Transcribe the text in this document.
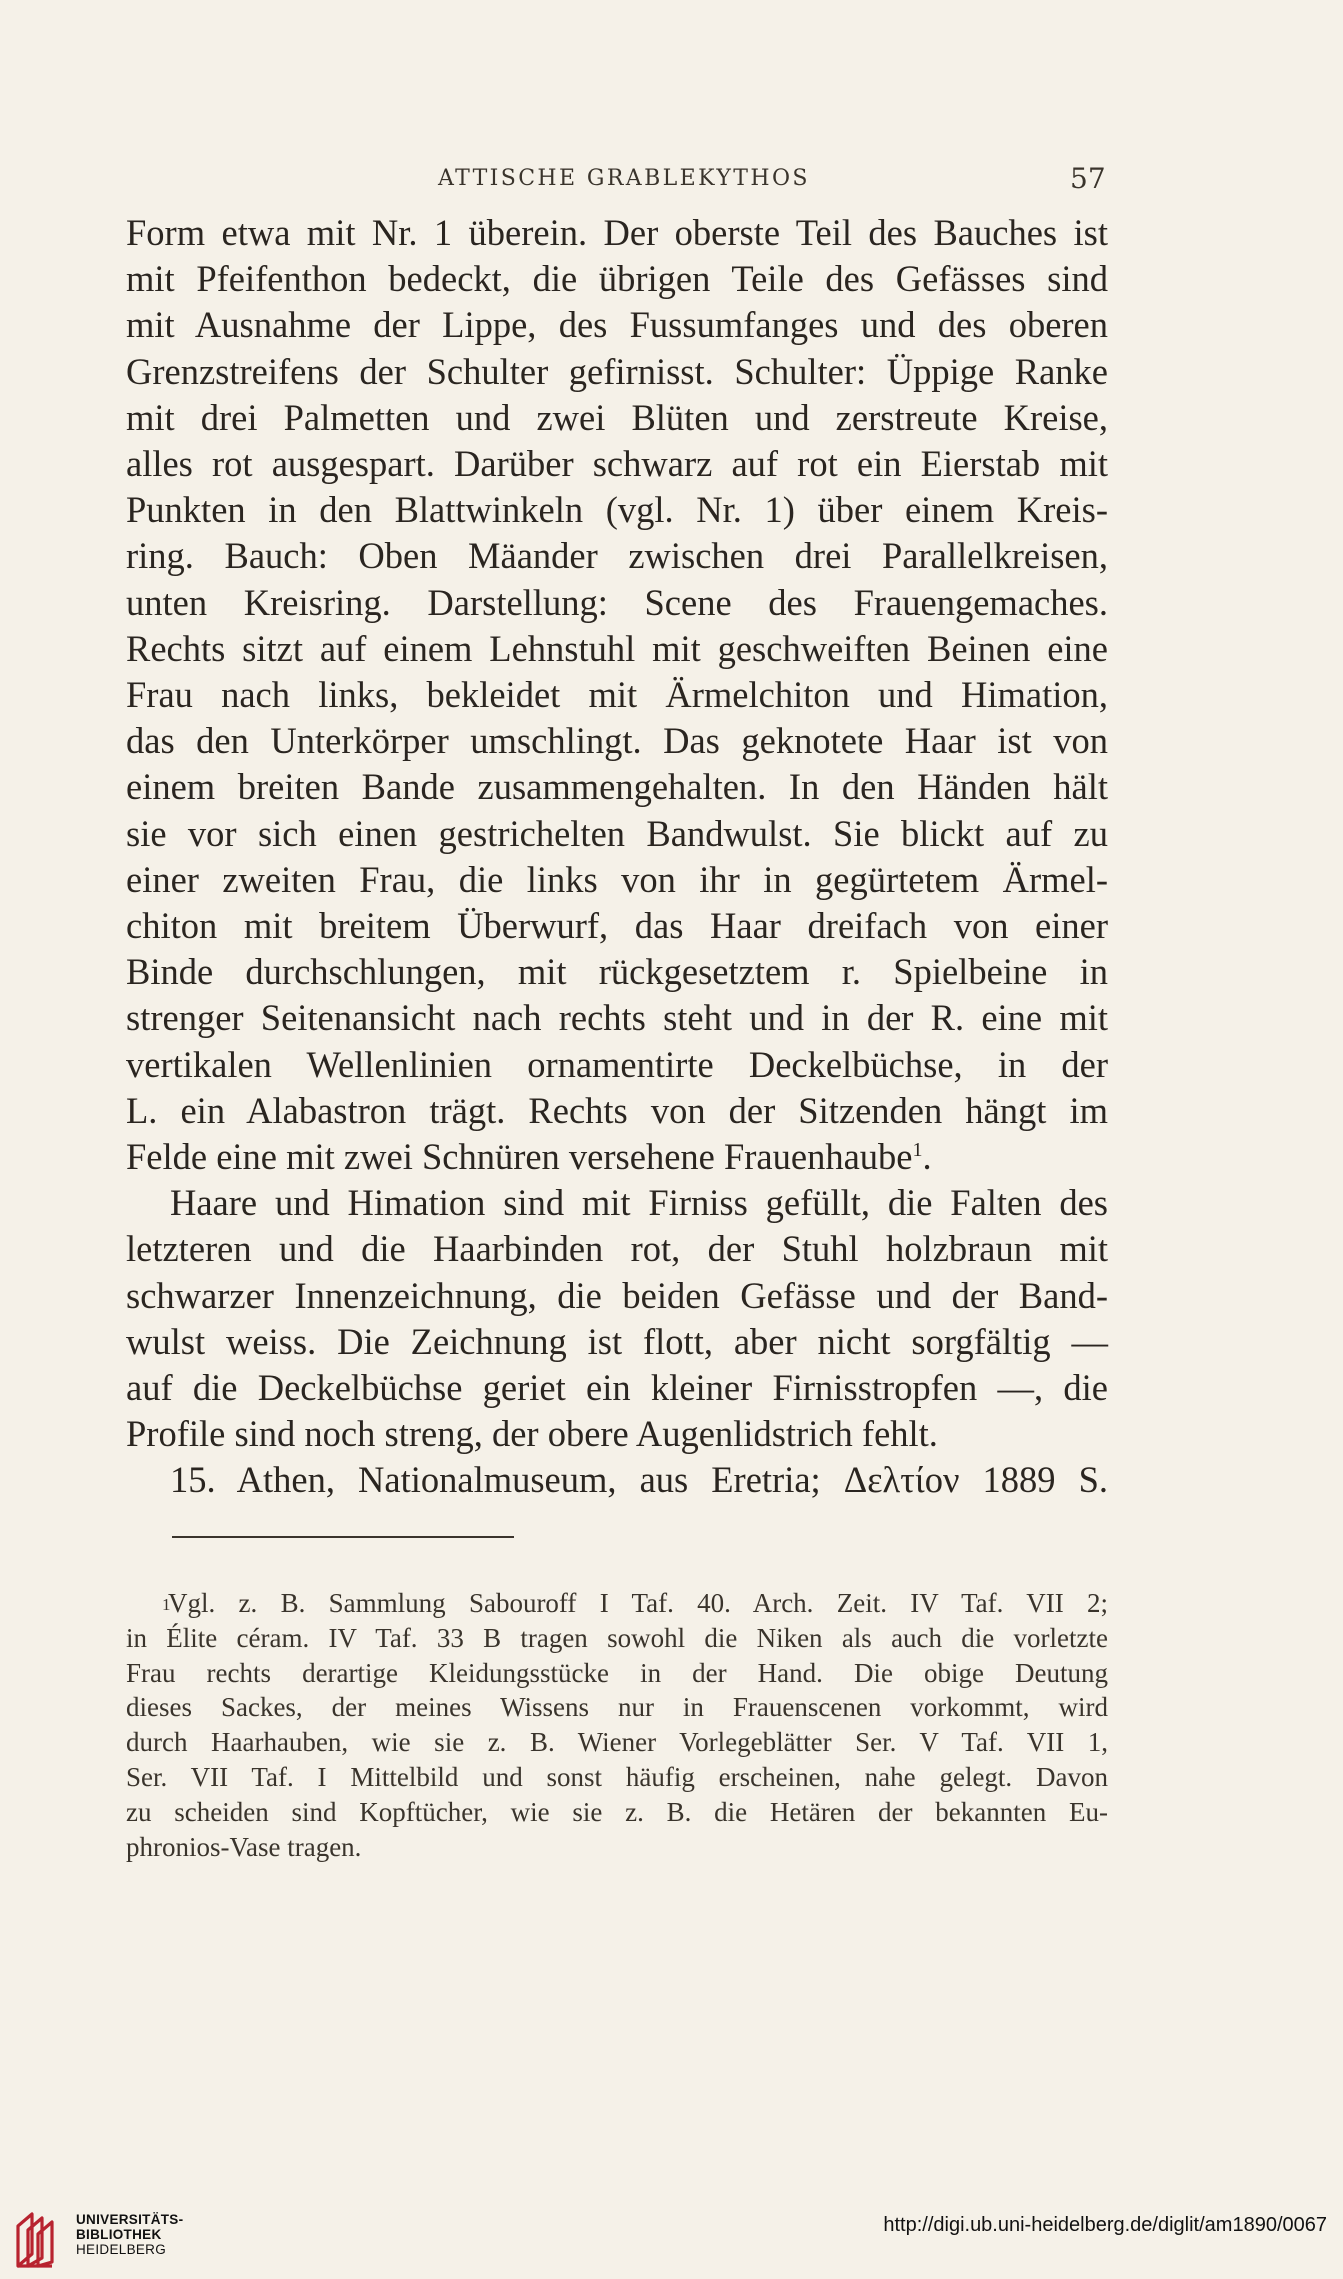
ATTISCHE GRABLEKYTHOS	57
Form etwa mit Nr. 1 überein. Der oberste Teil des Bauches ist
mit Pfeifenthon bedeckt, die übrigen Teile des Gefässes sind
mit Ausnahme der Lippe, des Fussumfanges und des oberen
Grenzstreifens der Schulter gefirnisst. Schulter: Üppige Ranke
mit drei Palmetten und zwei Blüten und zerstreute Kreise,
alles rot ausgespart. Darüber schwarz auf rot ein Eierstab mit
Punkten in den Blattwinkeln (vgl. Nr. 1) über einem Kreis-
ring. Bauch: Oben Mäander zwischen drei Parallelkreisen,
unten Kreisring. Darstellung: Scene des Frauengemaches.
Rechts sitzt auf einem Lehnstuhl mit geschweiften Beinen eine
Frau nach links, bekleidet mit Ärmelchiton und Himation,
das den Unterkörper umschlingt. Das geknotete Haar ist von
einem breiten Bande zusammengehalten. In den Händen hält
sie vor sich einen gestrichelten Bandwulst. Sie blickt auf zu
einer zweiten Frau, die links von ihr in gegürtetem Ärmel-
chiton mit breitem Überwurf, das Haar dreifach von einer
Binde durchschlungen, mit rückgesetztem r. Spielbeine in
strenger Seitenansicht nach rechts steht und in der R. eine mit
vertikalen Wellenlinien ornamentirte Deckelbüchse, in der
L. ein Alabastron trägt. Rechts von der Sitzenden hängt im
Felde eine mit zwei Schnüren versehene Frauenhaube$^1$.
Haare und Himation sind mit Firniss gefüllt, die Falten des
letzteren und die Haarbinden rot, der Stuhl holzbraun mit
schwarzer Innenzeichnung, die beiden Gefässe und der Band-
wulst weiss. Die Zeichnung ist flott, aber nicht sorgfältig —
auf die Deckelbüchse geriet ein kleiner Firnisstropfen —, die
Profile sind noch streng, der obere Augenlidstrich fehlt.
15. Athen, Nationalmuseum, aus Eretria; Δελτίον 1889 S.
1
Vgl. z. B. Sammlung Sabouroff I Taf. 40. Arch. Zeit. IV Taf. VII 2;
in Élite céram. IV Taf. 33 B tragen sowohl die Niken als auch die vorletzte
Frau rechts derartige Kleidungsstücke in der Hand. Die obige Deutung
dieses Sackes, der meines Wissens nur in Frauenscenen vorkommt, wird
durch Haarhauben, wie sie z. B. Wiener Vorlegeblätter Ser. V Taf. VII 1,
Ser. VII Taf. I Mittelbild und sonst häufig erscheinen, nahe gelegt. Davon
zu scheiden sind Kopftücher, wie sie z. B. die Hetären der bekannten Eu-
phronios-Vase tragen.
UNIVERSITÄTS-
BIBLIOTHEK
HEIDELBERG
http://digi.ub.uni-heidelberg.de/diglit/am1890/0067
